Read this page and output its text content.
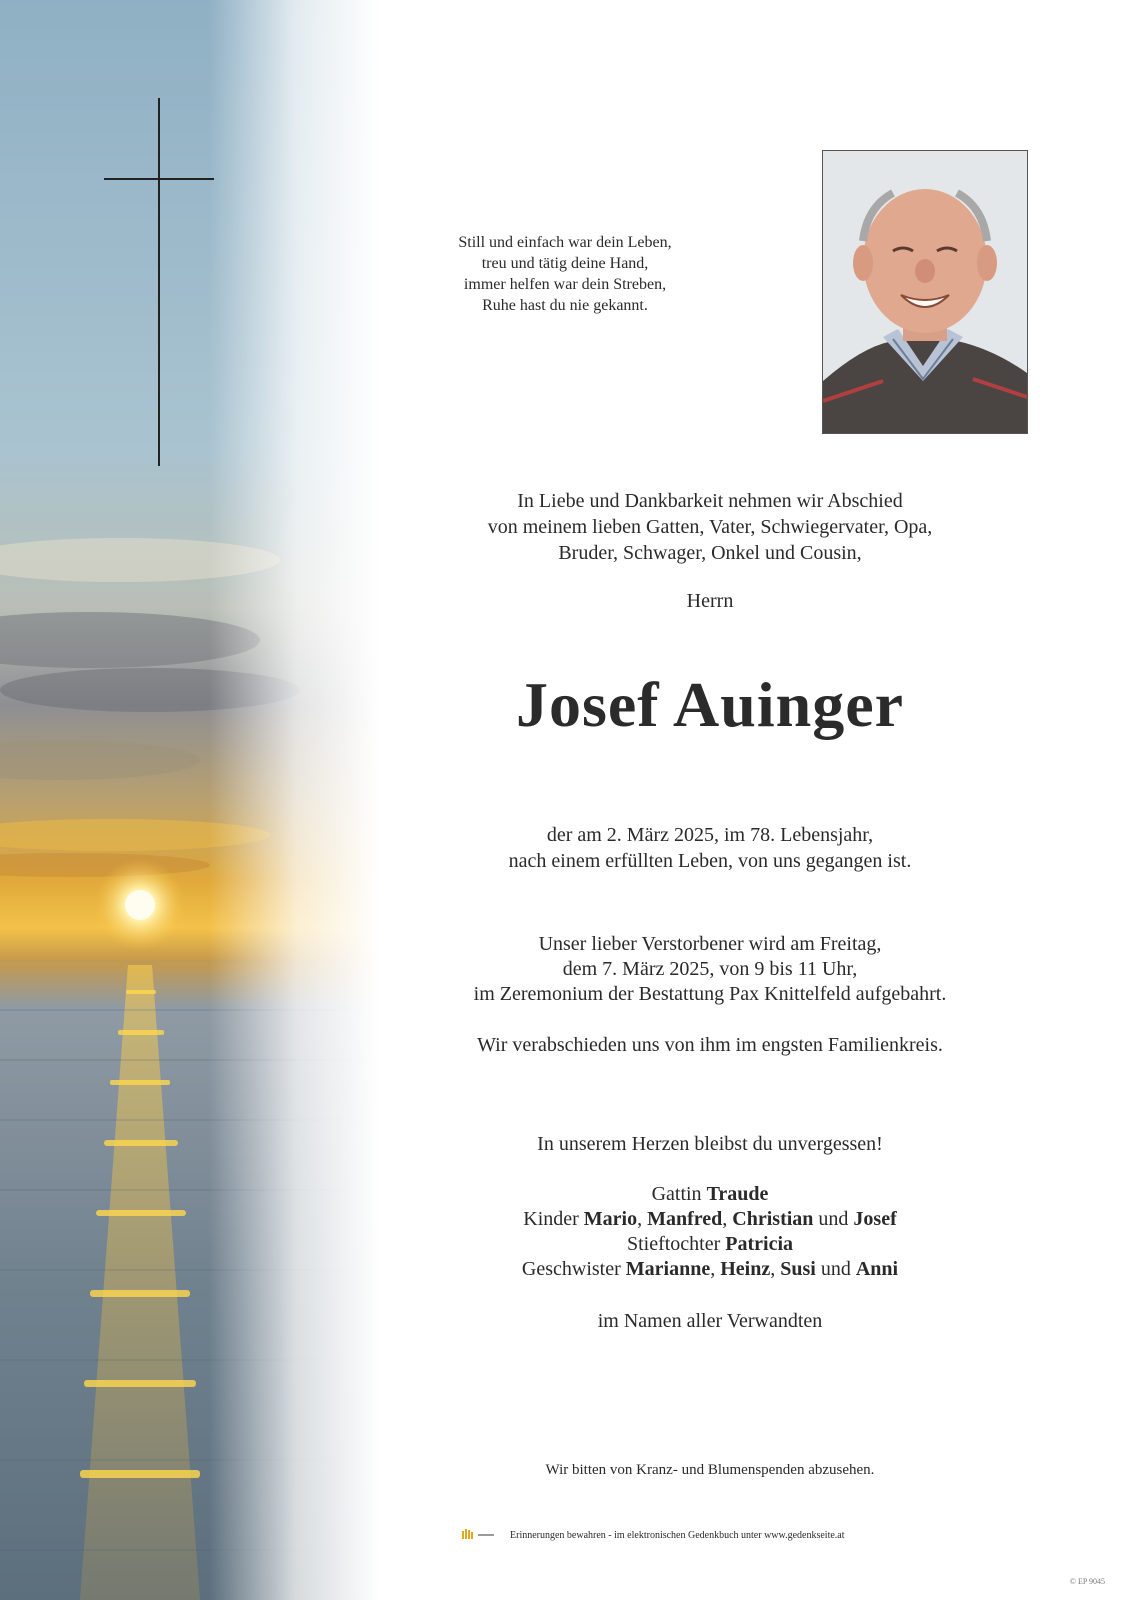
Still und einfach war dein Leben,
treu und tätig deine Hand,
immer helfen war dein Streben,
Ruhe hast du nie gekannt.
In Liebe und Dankbarkeit nehmen wir Abschied
von meinem lieben Gatten, Vater, Schwiegervater, Opa,
Bruder, Schwager, Onkel und Cousin,
Herrn
Josef Auinger
der am 2. März 2025, im 78. Lebensjahr,
nach einem erfüllten Leben, von uns gegangen ist.
Unser lieber Verstorbener wird am Freitag,
dem 7. März 2025, von 9 bis 11 Uhr,
im Zeremonium der Bestattung Pax Knittelfeld aufgebahrt.
Wir verabschieden uns von ihm im engsten Familienkreis.
In unserem Herzen bleibst du unvergessen!
Gattin Traude
Kinder Mario, Manfred, Christian und Josef
Stieftochter Patricia
Geschwister Marianne, Heinz, Susi und Anni
im Namen aller Verwandten
Wir bitten von Kranz- und Blumenspenden abzusehen.
Erinnerungen bewahren - im elektronischen Gedenkbuch unter www.gedenkseite.at
© EP 9045
